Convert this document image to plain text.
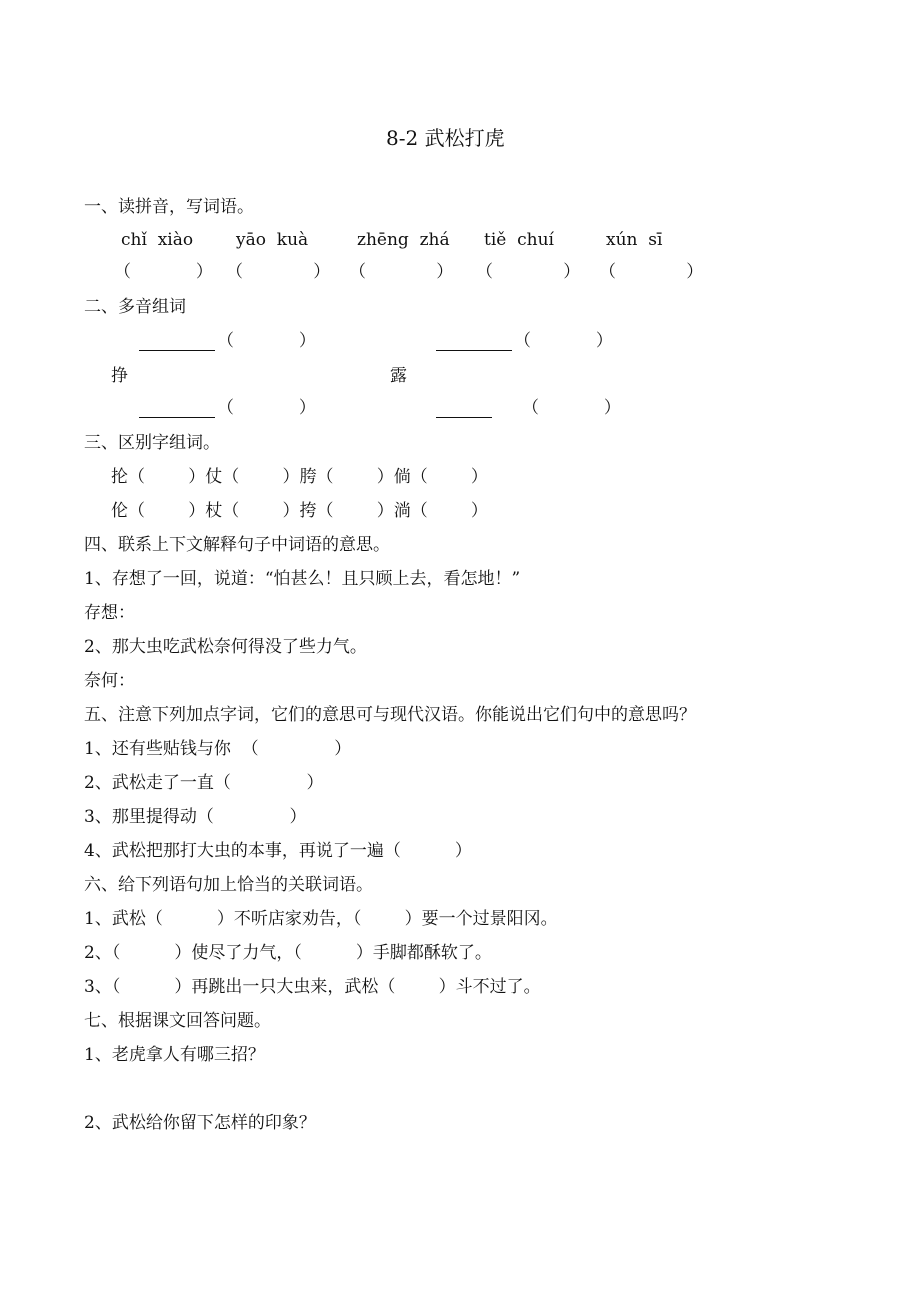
8-2 武松打虎
一、读拼音，写词语。
chǐ  xiào	yāo  kuà	zhēng  zhá tiě  chuí	xún  sī
（            ） （             ） （             ） （             ） （             ）
二、多音组词
（            ）	（            ）
挣	露
（            ）	（            ）
三、区别字组词。
抡（        ）仗（        ）胯（        ）倘（        ）
伦（        ）杖（        ）挎（        ）淌（        ）
四、联系上下文解释句子中词语的意思。
1、存想了一回，说道：“怕甚么！且只顾上去，看怎地！”
存想：
2、那大虫吃武松奈何得没了些力气。
奈何：
五、注意下列加点字词，它们的意思可与现代汉语。你能说出它们句中的意思吗？
1、还有些贴钱与你  （              ）
2、武松走了一直（              ）
3、那里提得动（              ）
4、武松把那打大虫的本事，再说了一遍（          ）
六、给下列语句加上恰当的关联词语。
1、武松（          ）不听店家劝告，（        ）要一个过景阳冈。
2、（          ）使尽了力气，（          ）手脚都酥软了。
3、（          ）再跳出一只大虫来，武松（        ）斗不过了。
七、根据课文回答问题。
1、老虎拿人有哪三招？
2、武松给你留下怎样的印象？
